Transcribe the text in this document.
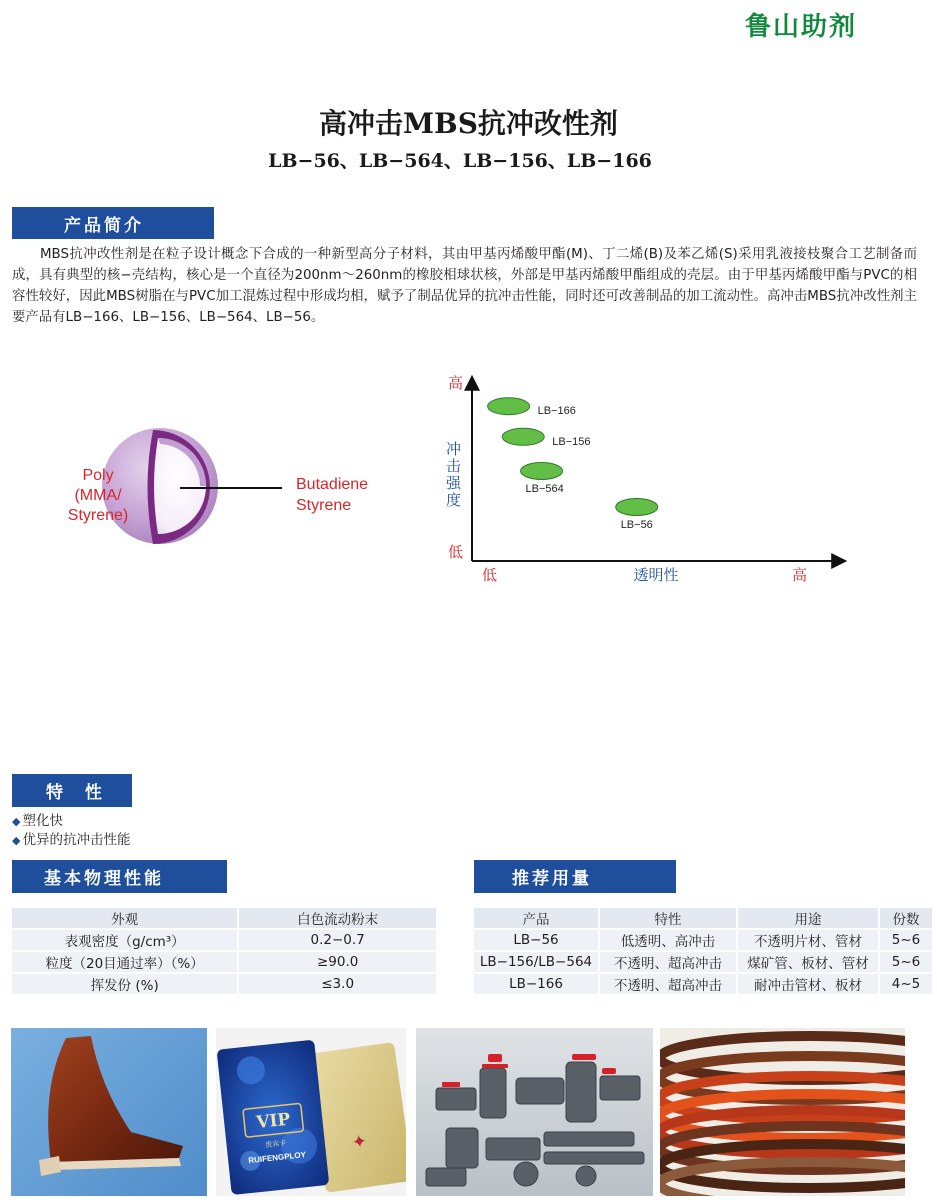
鲁山助剂
高冲击MBS抗冲改性剂
LB−56、LB−564、LB−156、LB−166
产品简介

MBS抗冲改性剂是在粒子设计概念下合成的一种新型高分子材料，其由甲基丙烯酸甲酯(M)、丁二烯(B)及苯乙烯(S)采用乳液接枝聚合工艺制备而成，具有典型的核−壳结构，核心是一个直径为200nm～260nm的橡胶相球状核，外部是甲基丙烯酸甲酯组成的壳层。由于甲基丙烯酸甲酯与PVC的相容性较好，因此MBS树脂在与PVC加工混炼过程中形成均相，赋予了制品优异的抗冲击性能，同时还可改善制品的加工流动性。高冲击MBS抗冲改性剂主要产品有LB−166、LB−156、LB−564、LB−56。

Poly
(MMA/
Styrene)
Butadiene
Styrene
高
低
低	高
透明性
冲
击
强
度
LB−166
LB−156
LB−564
LB−56
特 性
◆ 塑化快
◆ 优异的抗冲击性能
基本物理性能
外观	白色流动粉末
表观密度（g/cm³）	0.2−0.7
粒度（20目通过率）（%）	≥90.0
挥发份 (%)	≤3.0
推荐用量
产品	特性	用途	份数
LB−56	低透明、高冲击	不透明片材、管材	5~6
LB−156/LB−564	不透明、超高冲击	煤矿管、板材、管材	5~6
LB−166	不透明、超高冲击	耐冲击管材、板材	4~5
✦
VIP
贵宾卡
RUIFENGPLOY
